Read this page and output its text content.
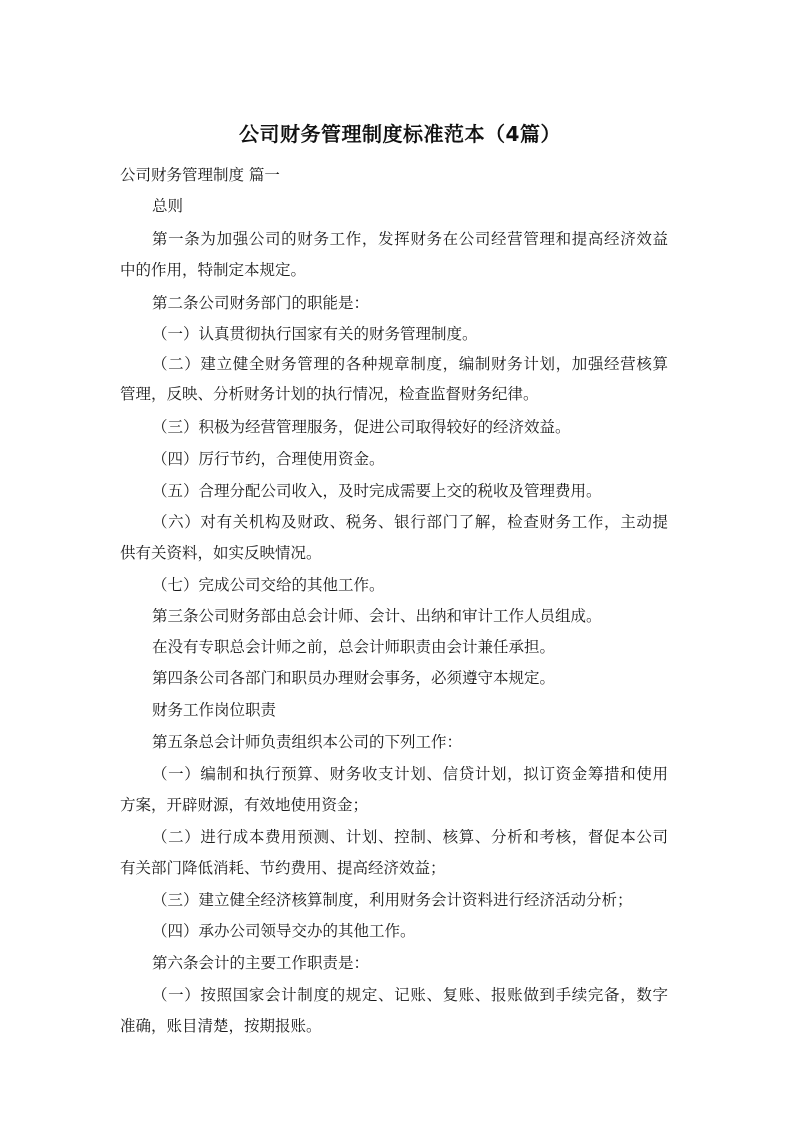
公司财务管理制度标准范本（4篇）
公司财务管理制度 篇一
总则
第一条为加强公司的财务工作，发挥财务在公司经营管理和提高经济效益
中的作用，特制定本规定。
第二条公司财务部门的职能是：
（一）认真贯彻执行国家有关的财务管理制度。
（二）建立健全财务管理的各种规章制度，编制财务计划，加强经营核算
管理，反映、分析财务计划的执行情况，检查监督财务纪律。
（三）积极为经营管理服务，促进公司取得较好的经济效益。
（四）厉行节约，合理使用资金。
（五）合理分配公司收入，及时完成需要上交的税收及管理费用。
（六）对有关机构及财政、税务、银行部门了解，检查财务工作，主动提
供有关资料，如实反映情况。
（七）完成公司交给的其他工作。
第三条公司财务部由总会计师、会计、出纳和审计工作人员组成。
在没有专职总会计师之前，总会计师职责由会计兼任承担。
第四条公司各部门和职员办理财会事务，必须遵守本规定。
财务工作岗位职责
第五条总会计师负责组织本公司的下列工作：
（一）编制和执行预算、财务收支计划、信贷计划，拟订资金筹措和使用
方案，开辟财源，有效地使用资金；
（二）进行成本费用预测、计划、控制、核算、分析和考核，督促本公司
有关部门降低消耗、节约费用、提高经济效益；
（三）建立健全经济核算制度，利用财务会计资料进行经济活动分析；
（四）承办公司领导交办的其他工作。
第六条会计的主要工作职责是：
（一）按照国家会计制度的规定、记账、复账、报账做到手续完备，数字
准确，账目清楚，按期报账。
